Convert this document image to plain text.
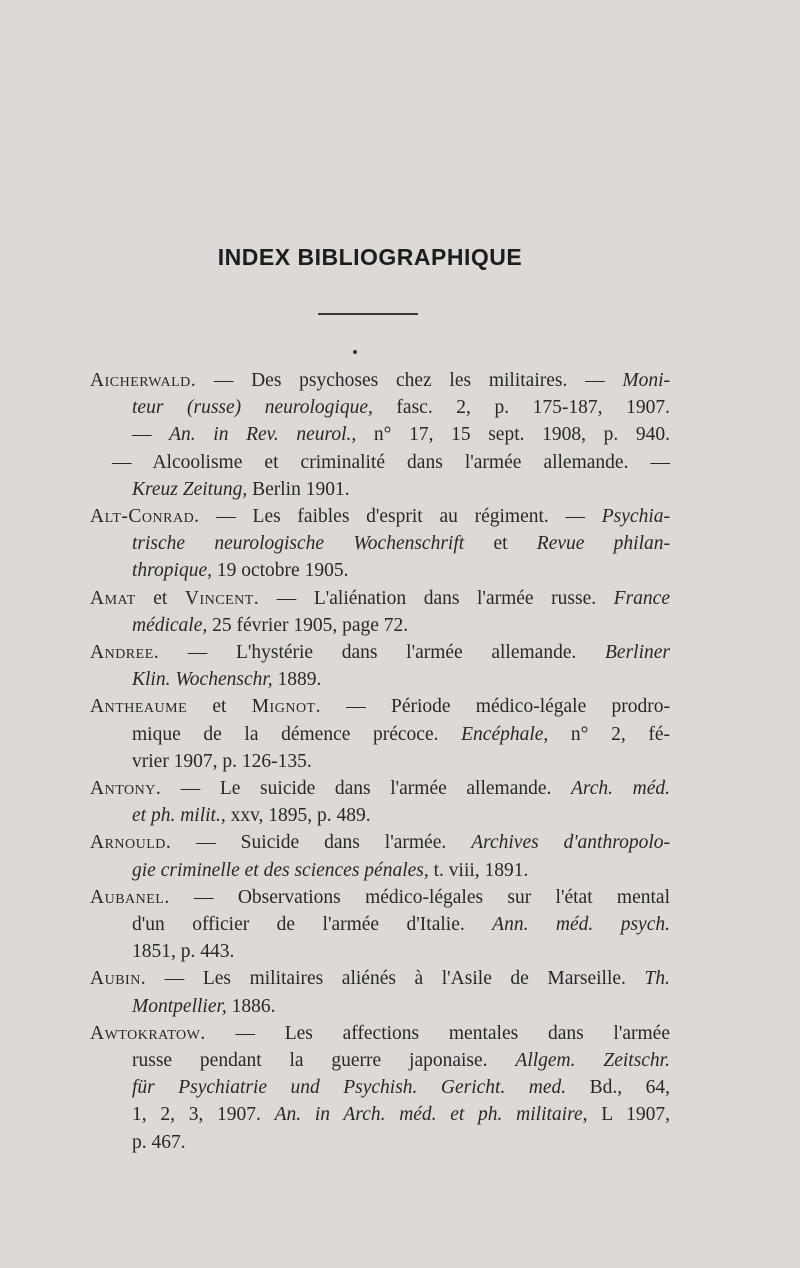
INDEX BIBLIOGRAPHIQUE
Aicherwald. — Des psychoses chez les militaires. — Moni-
teur (russe) neurologique, fasc. 2, p. 175-187, 1907.
— An. in Rev. neurol., n° 17, 15 sept. 1908, p. 940.
— Alcoolisme et criminalité dans l'armée allemande. —
Kreuz Zeitung, Berlin 1901.
Alt-Conrad. — Les faibles d'esprit au régiment. — Psychia-
trische neurologische Wochenschrift et Revue philan-
thropique, 19 octobre 1905.
Amat et Vincent. — L'aliénation dans l'armée russe. France
médicale, 25 février 1905, page 72.
Andree. — L'hystérie dans l'armée allemande. Berliner
Klin. Wochenschr, 1889.
Antheaume et Mignot. — Période médico-légale prodro-
mique de la démence précoce. Encéphale, n° 2, fé-
vrier 1907, p. 126-135.
Antony. — Le suicide dans l'armée allemande. Arch. méd.
et ph. milit., xxv, 1895, p. 489.
Arnould. — Suicide dans l'armée. Archives d'anthropolo-
gie criminelle et des sciences pénales, t. viii, 1891.
Aubanel. — Observations médico-légales sur l'état mental
d'un officier de l'armée d'Italie. Ann. méd. psych.
1851, p. 443.
Aubin. — Les militaires aliénés à l'Asile de Marseille. Th.
Montpellier, 1886.
Awtokratow. — Les affections mentales dans l'armée
russe pendant la guerre japonaise. Allgem. Zeitschr.
für Psychiatrie und Psychish. Gericht. med. Bd., 64,
1, 2, 3, 1907. An. in Arch. méd. et ph. militaire, L 1907,
p. 467.
